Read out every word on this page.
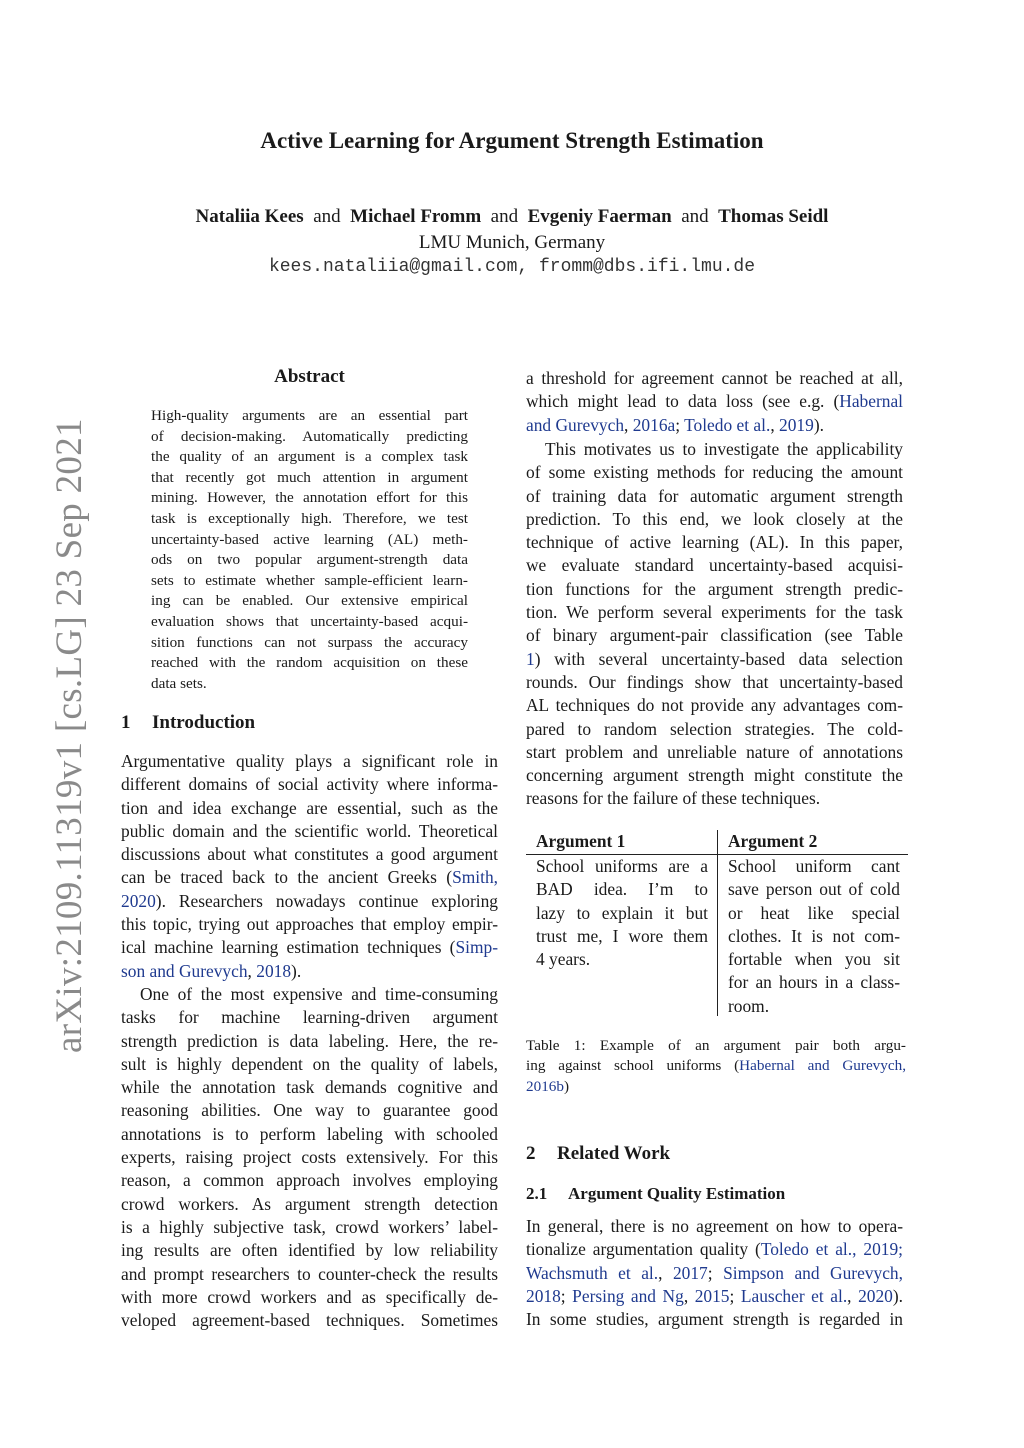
Active Learning for Argument Strength Estimation
Nataliia Kees and Michael Fromm and Evgeniy Faerman and Thomas Seidl
LMU Munich, Germany
kees.nataliia@gmail.com, fromm@dbs.ifi.lmu.de
arXiv:2109.11319v1 [cs.LG] 23 Sep 2021
Abstract
High-quality arguments are an essential part
of decision-making. Automatically predicting
the quality of an argument is a complex task
that recently got much attention in argument
mining. However, the annotation effort for this
task is exceptionally high. Therefore, we test
uncertainty-based active learning (AL) meth-
ods on two popular argument-strength data
sets to estimate whether sample-efficient learn-
ing can be enabled. Our extensive empirical
evaluation shows that uncertainty-based acqui-
sition functions can not surpass the accuracy
reached with the random acquisition on these
data sets.
1 Introduction
Argumentative quality plays a significant role in
different domains of social activity where informa-
tion and idea exchange are essential, such as the
public domain and the scientific world. Theoretical
discussions about what constitutes a good argument
can be traced back to the ancient Greeks (Smith,
2020). Researchers nowadays continue exploring
this topic, trying out approaches that employ empir-
ical machine learning estimation techniques (Simp-
son and Gurevych, 2018).
One of the most expensive and time-consuming
tasks for machine learning-driven argument
strength prediction is data labeling. Here, the re-
sult is highly dependent on the quality of labels,
while the annotation task demands cognitive and
reasoning abilities. One way to guarantee good
annotations is to perform labeling with schooled
experts, raising project costs extensively. For this
reason, a common approach involves employing
crowd workers. As argument strength detection
is a highly subjective task, crowd workers’ label-
ing results are often identified by low reliability
and prompt researchers to counter-check the results
with more crowd workers and as specifically de-
veloped agreement-based techniques. Sometimes
a threshold for agreement cannot be reached at all,
which might lead to data loss (see e.g. (Habernal
and Gurevych, 2016a; Toledo et al., 2019).
This motivates us to investigate the applicability
of some existing methods for reducing the amount
of training data for automatic argument strength
prediction. To this end, we look closely at the
technique of active learning (AL). In this paper,
we evaluate standard uncertainty-based acquisi-
tion functions for the argument strength predic-
tion. We perform several experiments for the task
of binary argument-pair classification (see Table
1) with several uncertainty-based data selection
rounds. Our findings show that uncertainty-based
AL techniques do not provide any advantages com-
pared to random selection strategies. The cold-
start problem and unreliable nature of annotations
concerning argument strength might constitute the
reasons for the failure of these techniques.
Argument 1	Argument 2
School uniforms are a
BAD idea. I’m to
lazy to explain it but
trust me, I wore them
4 years.
School uniform cant
save person out of cold
or heat like special
clothes. It is not com-
fortable when you sit
for an hours in a class-
room.
Table 1: Example of an argument pair both argu-
ing against school uniforms (Habernal and Gurevych,
2016b)
2 Related Work
2.1 Argument Quality Estimation
In general, there is no agreement on how to opera-
tionalize argumentation quality (Toledo et al., 2019;
Wachsmuth et al., 2017; Simpson and Gurevych,
2018; Persing and Ng, 2015; Lauscher et al., 2020).
In some studies, argument strength is regarded in
